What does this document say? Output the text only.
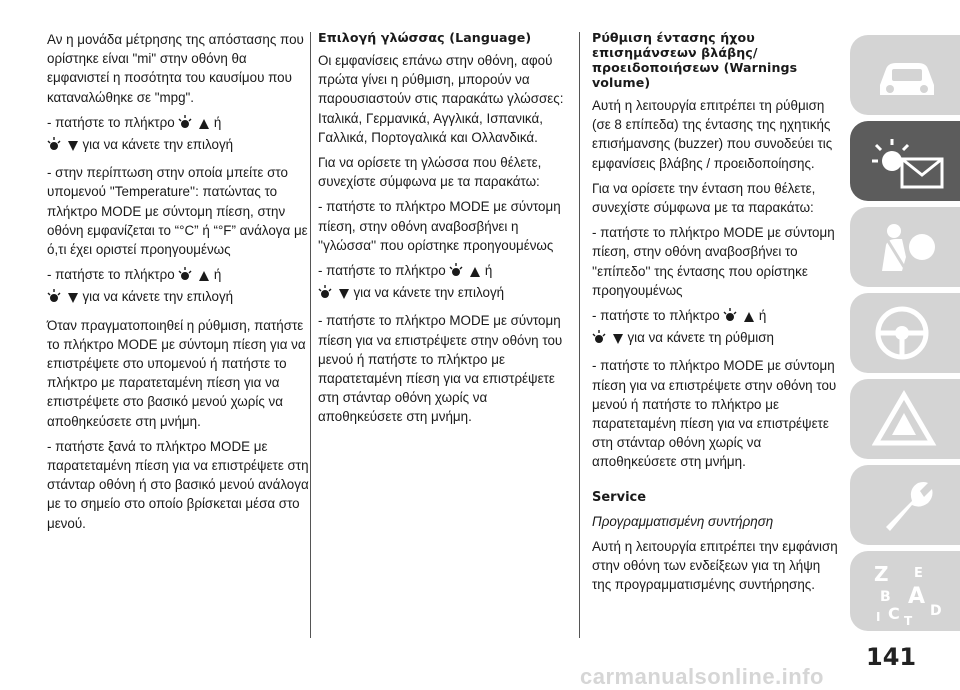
Αν η μονάδα μέτρησης της απόστασης που ορίστηκε είναι "mi" στην οθόνη θα εμφανιστεί η ποσότητα του καυσίμου που καταναλώθηκε σε "mpg".

- πατήστε το πλήκτρο	ή
για να κάνετε την επιλογή

- στην περίπτωση στην οποία μπείτε στο υπομενού ''Temperature'': πατώντας το πλήκτρο MODE με σύντομη πίεση, στην οθόνη εμφανίζεται το “°C” ή “°F” ανάλογα με ό,τι έχει οριστεί προηγουμένως

- πατήστε το πλήκτρο	ή
για να κάνετε την επιλογή

Όταν πραγματοποιηθεί η ρύθμιση, πατήστε το πλήκτρο MODE με σύντομη πίεση για να επιστρέψετε στο υπομενού ή πατήστε το πλήκτρο με παρατεταμένη πίεση για να επιστρέψετε στο βασικό μενού χωρίς να αποθηκεύσετε στη μνήμη.

- πατήστε ξανά το πλήκτρο MODE με παρατεταμένη πίεση για να επιστρέψετε στη στάνταρ οθόνη ή στο βασικό μενού ανάλογα με το σημείο στο οποίο βρίσκεται μέσα στο μενού.

Επιλογή γλώσσας (Language)

Οι εμφανίσεις επάνω στην οθόνη, αφού πρώτα γίνει η ρύθμιση, μπορούν να παρουσιαστούν στις παρακάτω γλώσσες: Ιταλικά, Γερμανικά, Αγγλικά, Ισπανικά, Γαλλικά, Πορτογαλικά και Ολλανδικά.

Για να ορίσετε τη γλώσσα που θέλετε, συνεχίστε σύμφωνα με τα παρακάτω:

- πατήστε το πλήκτρο MODE με σύντομη πίεση, στην οθόνη αναβοσβήνει η ''γλώσσα'' που ορίστηκε προηγουμένως

- πατήστε το πλήκτρο	ή
για να κάνετε την επιλογή

- πατήστε το πλήκτρο MODE με σύντομη πίεση για να επιστρέψετε στην οθόνη του μενού ή πατήστε το πλήκτρο με παρατεταμένη πίεση για να επιστρέψετε στη στάνταρ οθόνη χωρίς να αποθηκεύσετε στη μνήμη.

Ρύθμιση έντασης ήχου επισημάνσεων βλάβης/ προειδοποιήσεων (Warnings volume)

Αυτή η λειτουργία επιτρέπει τη ρύθμιση (σε 8 επίπεδα) της έντασης της ηχητικής επισήμανσης (buzzer) που συνοδεύει τις εμφανίσεις βλάβης / προειδοποίησης.

Για να ορίσετε την ένταση που θέλετε, συνεχίστε σύμφωνα με τα παρακάτω:

- πατήστε το πλήκτρο MODE με σύντομη πίεση, στην οθόνη αναβοσβήνει το ''επίπεδο'' της έντασης που ορίστηκε προηγουμένως

- πατήστε το πλήκτρο	ή
για να κάνετε τη ρύθμιση

- πατήστε το πλήκτρο MODE με σύντομη πίεση για να επιστρέψετε στην οθόνη του μενού ή πατήστε το πλήκτρο με παρατεταμένη πίεση για να επιστρέψετε στη στάνταρ οθόνη χωρίς να αποθηκεύσετε στη μνήμη.

Service

Προγραμματισμένη συντήρηση

Αυτή η λειτουργία επιτρέπει την εμφάνιση στην οθόνη των ενδείξεων για τη λήψη της προγραμματισμένης συντήρησης.	Z E
B A
I C T
D
141
carmanualsonline.info
